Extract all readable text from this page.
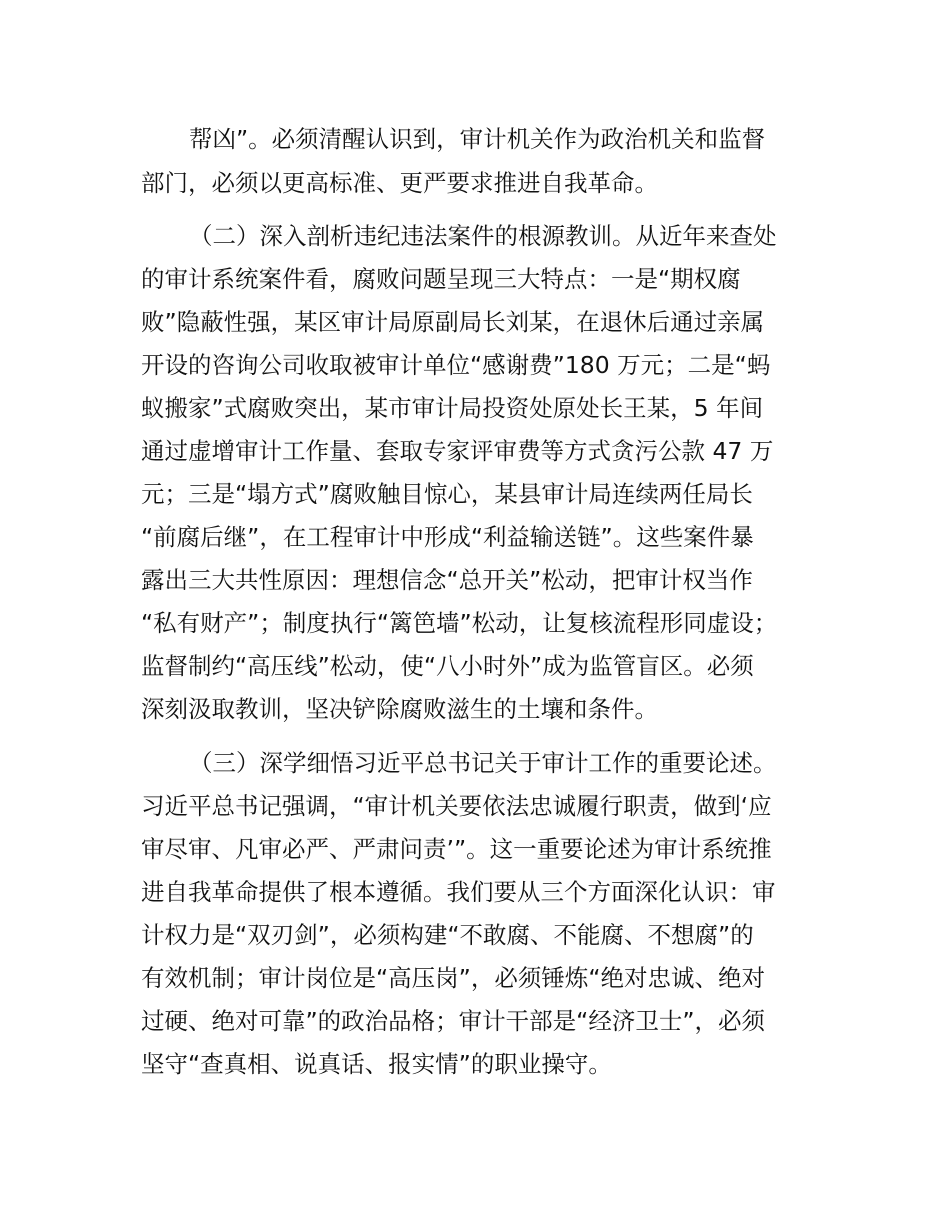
帮凶”。必须清醒认识到，审计机关作为政治机关和监督
部门，必须以更高标准、更严要求推进自我革命。
（二）深入剖析违纪违法案件的根源教训。从近年来查处
的审计系统案件看，腐败问题呈现三大特点：一是“期权腐
败”隐蔽性强，某区审计局原副局长刘某，在退休后通过亲属
开设的咨询公司收取被审计单位“感谢费”180 万元；二是“蚂
蚁搬家”式腐败突出，某市审计局投资处原处长王某，5 年间
通过虚增审计工作量、套取专家评审费等方式贪污公款 47 万
元；三是“塌方式”腐败触目惊心，某县审计局连续两任局长
“前腐后继”，在工程审计中形成“利益输送链”。这些案件暴
露出三大共性原因：理想信念“总开关”松动，把审计权当作
“私有财产”；制度执行“篱笆墙”松动，让复核流程形同虚设；
监督制约“高压线”松动，使“八小时外”成为监管盲区。必须
深刻汲取教训，坚决铲除腐败滋生的土壤和条件。
（三）深学细悟习近平总书记关于审计工作的重要论述。
习近平总书记强调，“审计机关要依法忠诚履行职责，做到‘应
审尽审、凡审必严、严肃问责’”。这一重要论述为审计系统推
进自我革命提供了根本遵循。我们要从三个方面深化认识：审
计权力是“双刃剑”，必须构建“不敢腐、不能腐、不想腐”的
有效机制；审计岗位是“高压岗”，必须锤炼“绝对忠诚、绝对
过硬、绝对可靠”的政治品格；审计干部是“经济卫士”，必须
坚守“查真相、说真话、报实情”的职业操守。
